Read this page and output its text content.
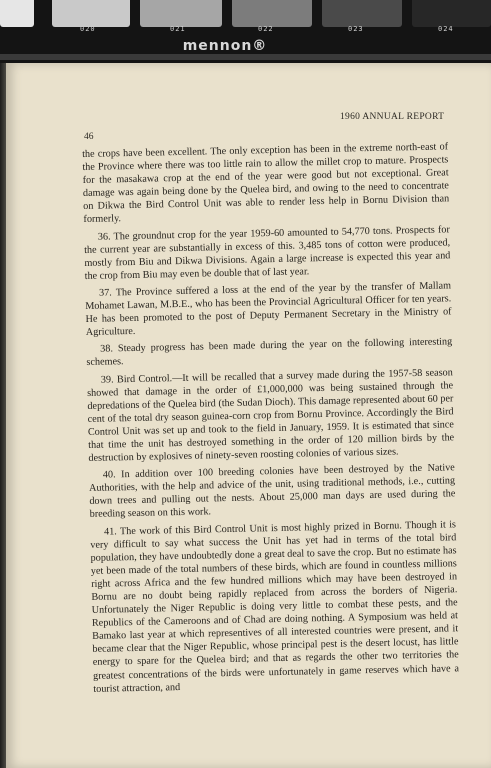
020	021	022	023	024
mennon®
1960 ANNUAL REPORT
46

the crops have been excellent. The only exception has been in the extreme north-east of the Province where there was too little rain to allow the millet crop to mature. Prospects for the masakawa crop at the end of the year were good but not exceptional. Great damage was again being done by the Quelea bird, and owing to the need to concentrate on Dikwa the Bird Control Unit was able to render less help in Bornu Division than formerly.

36. The groundnut crop for the year 1959-60 amounted to 54,770 tons. Prospects for the current year are substantially in excess of this. 3,485 tons of cotton were produced, mostly from Biu and Dikwa Divisions. Again a large increase is expected this year and the crop from Biu may even be double that of last year.

37. The Province suffered a loss at the end of the year by the transfer of Mallam Mohamet Lawan, M.B.E., who has been the Provincial Agricultural Officer for ten years. He has been promoted to the post of Deputy Permanent Secretary in the Ministry of Agriculture.

38. Steady progress has been made during the year on the following interesting schemes.

39. Bird Control.—It will be recalled that a survey made during the 1957-58 season showed that damage in the order of £1,000,000 was being sustained through the depredations of the Quelea bird (the Sudan Dioch). This damage represented about 60 per cent of the total dry season guinea-corn crop from Bornu Province. Accordingly the Bird Control Unit was set up and took to the field in January, 1959. It is estimated that since that time the unit has destroyed something in the order of 120 million birds by the destruction by explosives of ninety-seven roosting colonies of various sizes.

40. In addition over 100 breeding colonies have been destroyed by the Native Authorities, with the help and advice of the unit, using traditional methods, i.e., cutting down trees and pulling out the nests. About 25,000 man days are used during the breeding season on this work.

41. The work of this Bird Control Unit is most highly prized in Bornu. Though it is very difficult to say what success the Unit has yet had in terms of the total bird population, they have undoubtedly done a great deal to save the crop. But no estimate has yet been made of the total numbers of these birds, which are found in countless millions right across Africa and the few hundred millions which may have been destroyed in Bornu are no doubt being rapidly replaced from across the borders of Nigeria. Unfortunately the Niger Republic is doing very little to combat these pests, and the Republics of the Cameroons and of Chad are doing nothing. A Symposium was held at Bamako last year at which representives of all interested countries were present, and it became clear that the Niger Republic, whose principal pest is the desert locust, has little energy to spare for the Quelea bird; and that as regards the other two territories the greatest concentrations of the birds were unfortunately in game reserves which have a tourist attraction, and
